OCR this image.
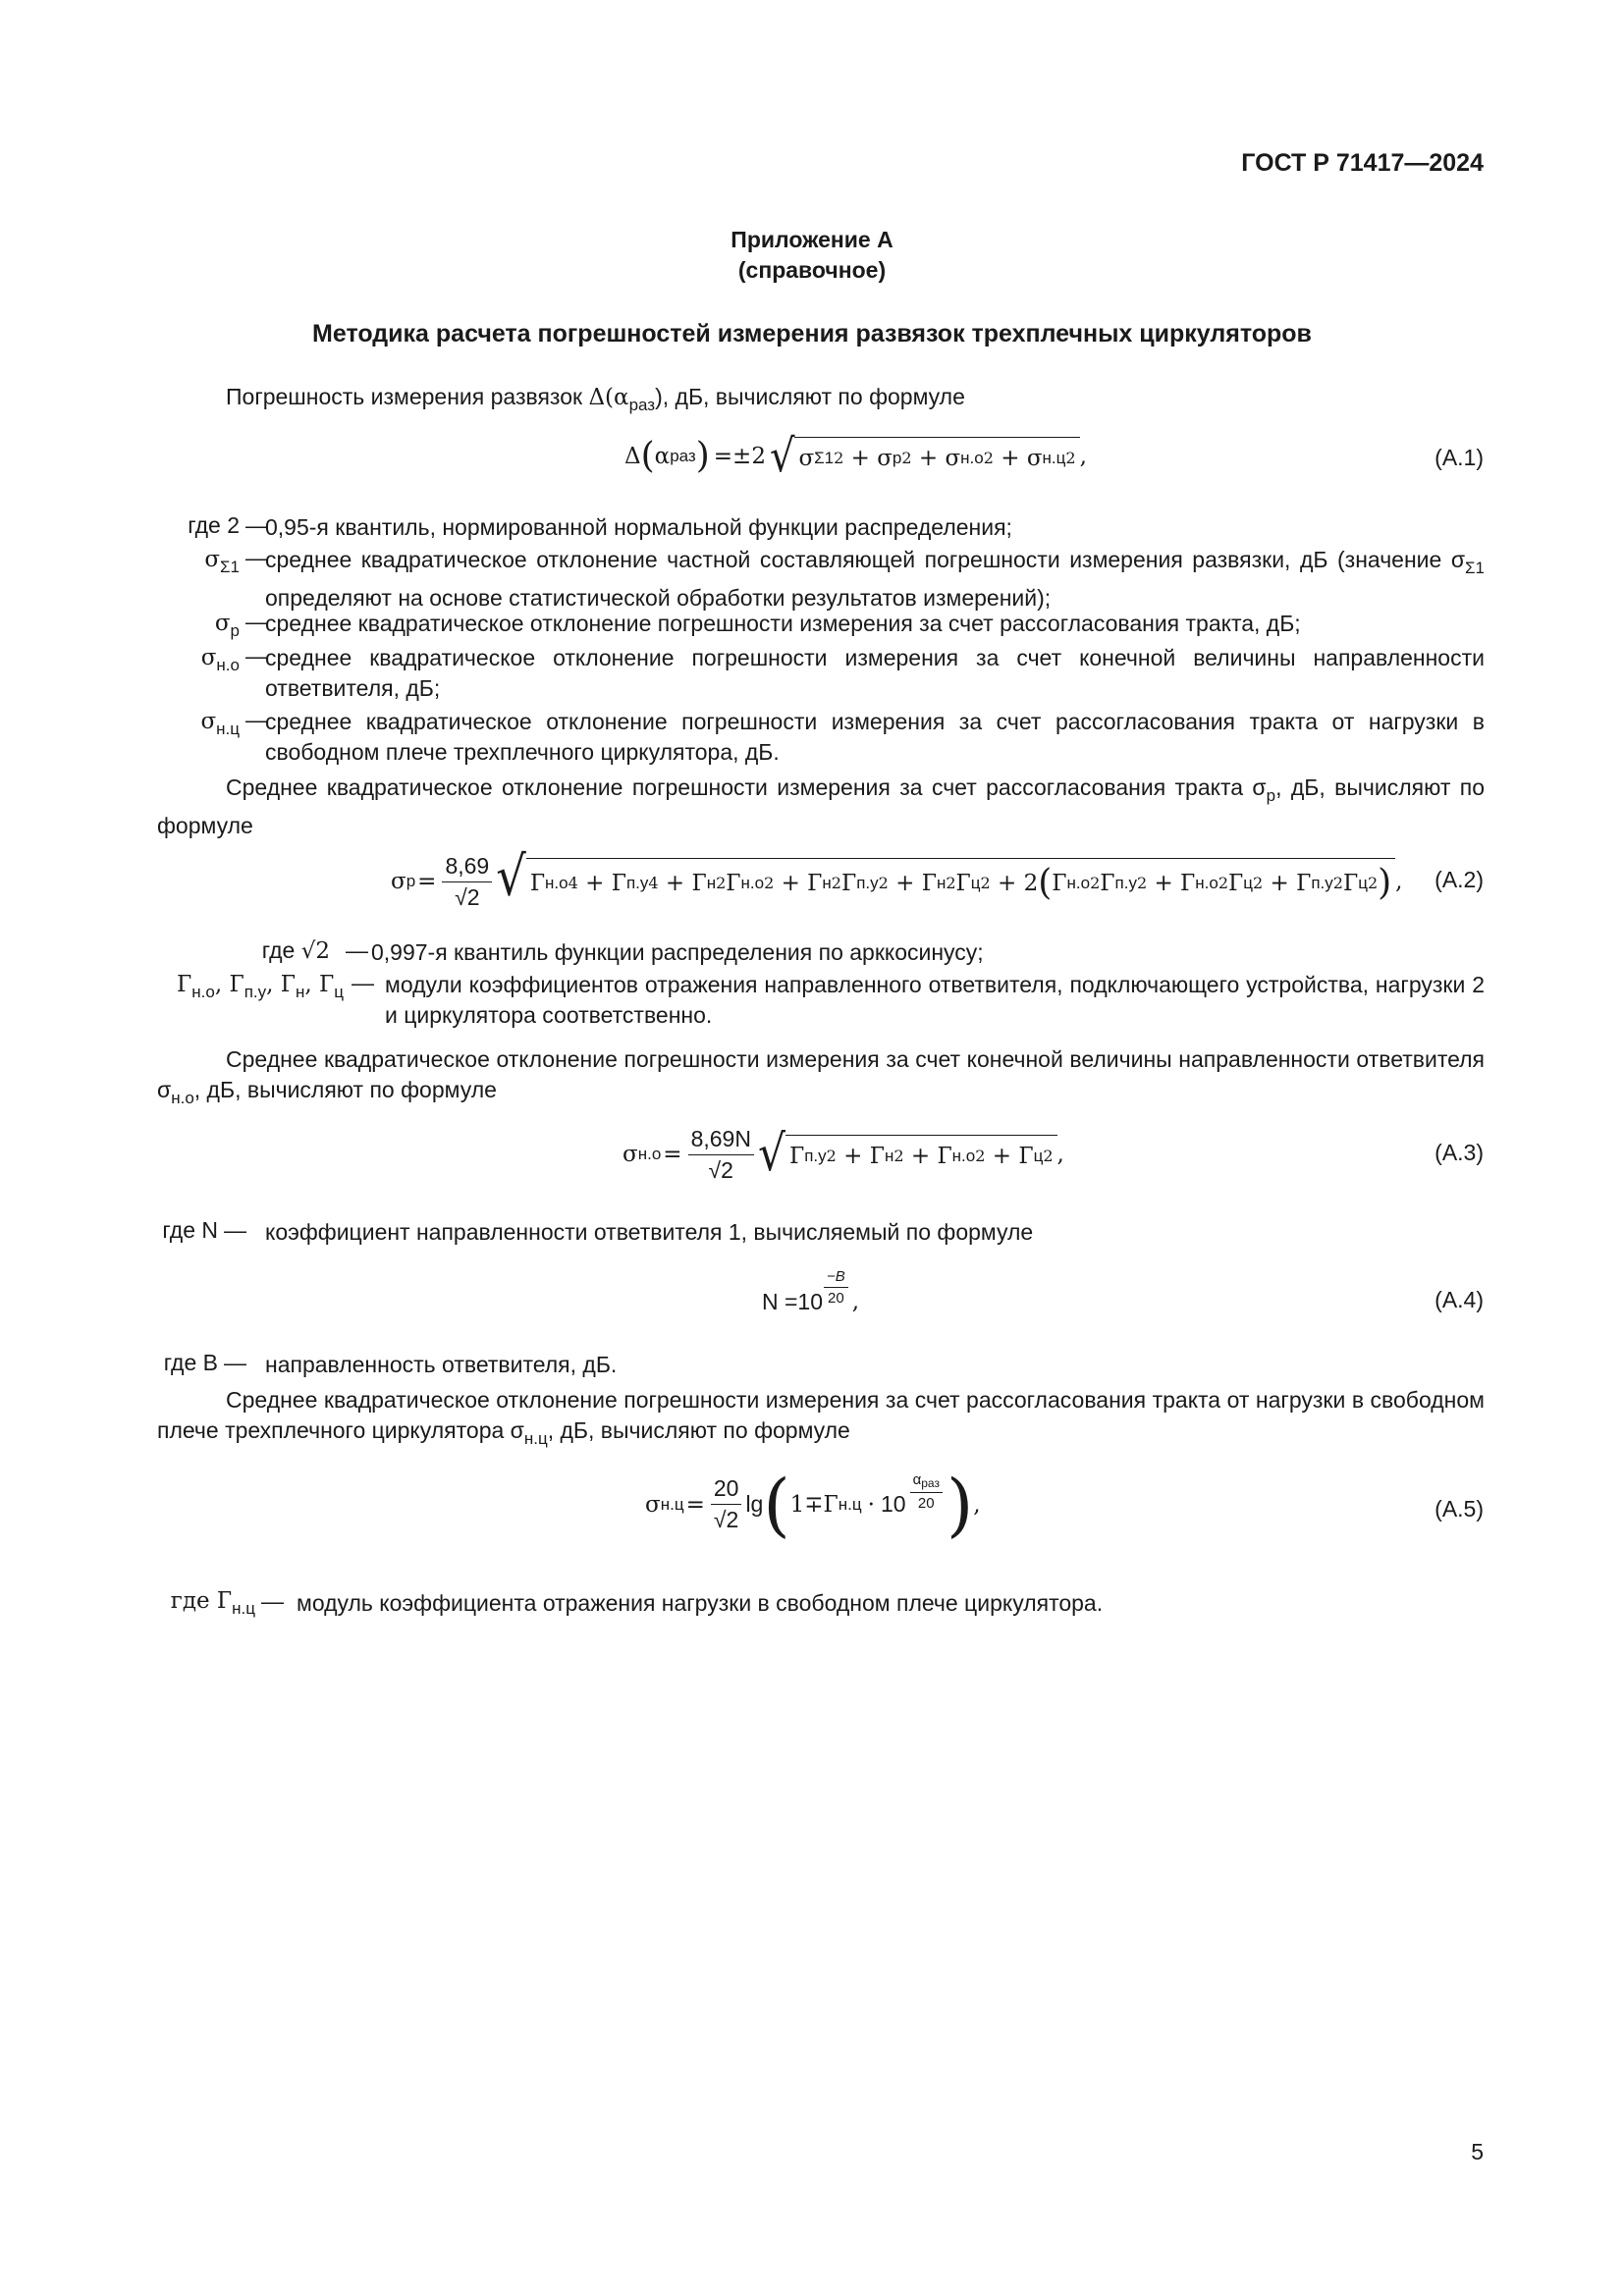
ГОСТ Р 71417—2024
Приложение А
(справочное)
Методика расчета погрешностей измерения развязок трехплечных циркуляторов
Погрешность измерения развязок $\Delta(\alpha_{раз})$, дБ, вычисляют по формуле
Δ ( α раз ) =±2 √ σ Σ1 2 + σ р 2 + σ н.о 2 + σ н.ц 2 ,	(А.1)
где 2 —
0,95-я квантиль, нормированной нормальной функции распределения;
$\sigma_{\Sigma 1}$ —
среднее квадратическое отклонение частной составляющей погрешности измерения развязки, дБ (значение $\sigma_{\Sigma 1}$ определяют на основе статистической обработки результатов измерений);
$\sigma_р$ —
среднее квадратическое отклонение погрешности измерения за счет рассогласования тракта, дБ;
$\sigma_{н.о}$ —
среднее квадратическое отклонение погрешности измерения за счет конечной величины направленности ответвителя, дБ;
$\sigma_{н.ц}$ —
среднее квадратическое отклонение погрешности измерения за счет рассогласования тракта от нагрузки в свободном плече трехплечного циркулятора, дБ.
Среднее квадратическое отклонение погрешности измерения за счет рассогласования тракта $\sigma_р$, дБ, вычисляют по формуле
σ $р = \frac{8,69}{√2}$ √ Г н.о 4 + Г п.у 4 + Г н 2 Г н.о 2 + Г н 2 Г п.у 2 + Г н 2 Г ц 2 + 2 ( Г н.о 2 Г п.у 2 + Г н.о 2 Г ц 2 + Г п.у 2 Г ц 2 ) , (А.2)
где √2 — 0,997-я квантиль функции распределения по арккосинусу;
$Г_{н.о}$, $Г_{п.у}$, $Г_н$, $Г_ц$ — модули коэффициентов отражения направленного ответвителя, подключающего устройства, нагрузки 2 и циркулятора соответственно.
Среднее квадратическое отклонение погрешности измерения за счет конечной величины направленности ответвителя $\sigma_{н.о}$, дБ, вычисляют по формуле
σ $н.о = \frac{8,69N}{√2}$ √ Г п.у 2 + Г н 2 + Г н.о 2 + Г ц 2 ,	(А.3)
где N — коэффициент направленности ответвителя 1, вычисляемый по формуле
$N =10 \frac{-B}{20}$ ,	(А.4)
где B — направленность ответвителя, дБ.
Среднее квадратическое отклонение погрешности измерения за счет рассогласования тракта от нагрузки в свободном плече трехплечного циркулятора $\sigma_{н.ц}$, дБ, вычисляют по формуле
σ $н.ц = \frac{20}{√2}$ lg ( 1∓Г $н.ц \cdot 10 \frac{\alpha_{раз}}{20}$ ) ,	(А.5)
где $Г_{н.ц}$ — модуль коэффициента отражения нагрузки в свободном плече циркулятора.
5
